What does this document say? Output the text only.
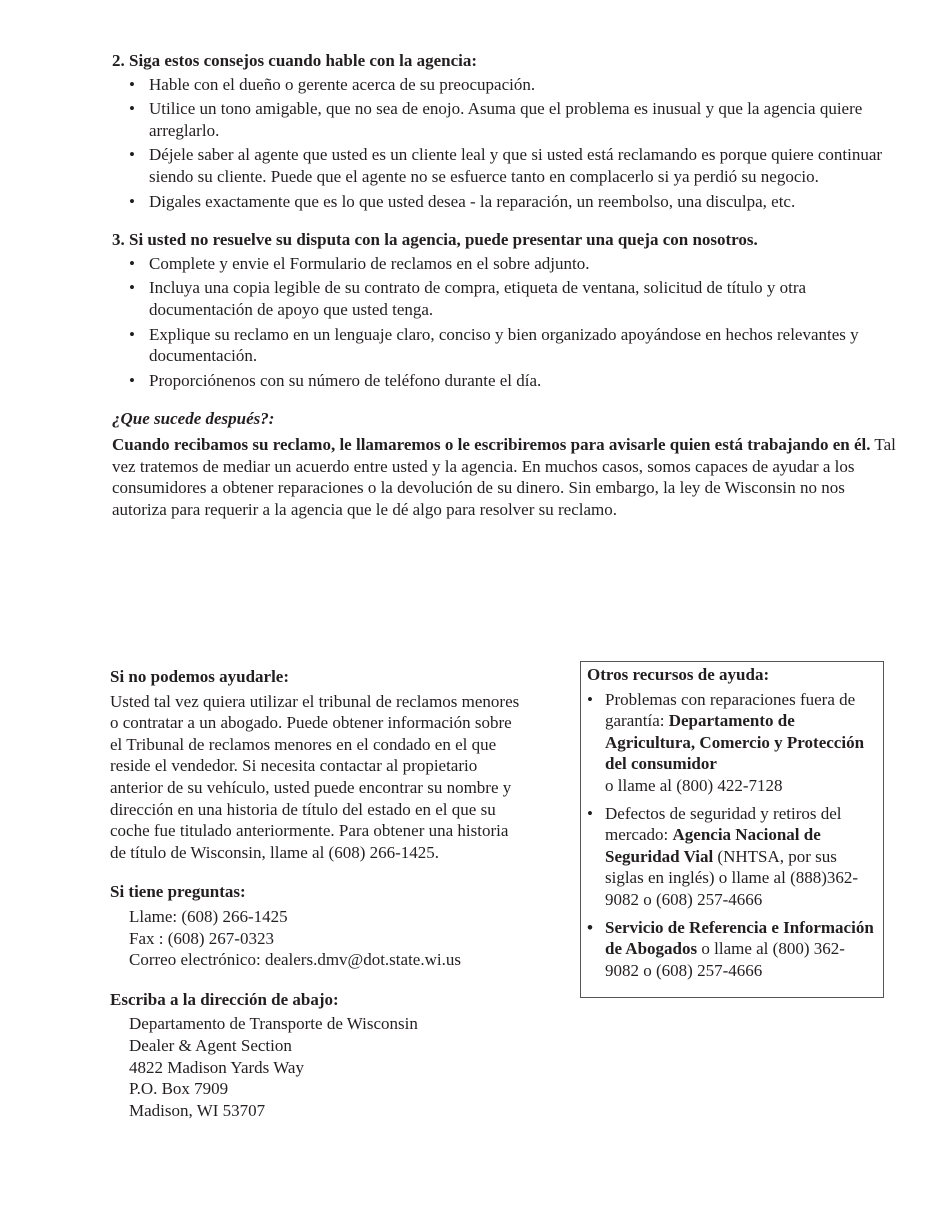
2. Siga estos consejos cuando hable con la agencia:

• Hable con el dueño o gerente acerca de su preocupación.
• Utilice un tono amigable, que no sea de enojo. Asuma que el problema es inusual y que la agencia quiere arreglarlo.
• Déjele saber al agente que usted es un cliente leal y que si usted está reclamando es porque quiere continuar siendo su cliente. Puede que el agente no se esfuerce tanto en complacerlo si ya perdió su negocio.
• Digales exactamente que es lo que usted desea - la reparación, un reembolso, una disculpa, etc.

3. Si usted no resuelve su disputa con la agencia, puede presentar una queja con nosotros.

• Complete y envie el Formulario de reclamos en el sobre adjunto.
• Incluya una copia legible de su contrato de compra, etiqueta de ventana, solicitud de título y otra documentación de apoyo que usted tenga.
• Explique su reclamo en un lenguaje claro, conciso y bien organizado apoyándose en hechos relevantes y documentación.
• Proporciónenos con su número de teléfono durante el día.

¿Que sucede después?:

Cuando recibamos su reclamo, le llamaremos o le escribiremos para avisarle quien está trabajando en él. Tal vez tratemos de mediar un acuerdo entre usted y la agencia. En muchos casos, somos capaces de ayudar a los consumidores a obtener reparaciones o la devolución de su dinero. Sin embargo, la ley de Wisconsin no nos autoriza para requerir a la agencia que le dé algo para resolver su reclamo.

Si no podemos ayudarle:

Usted tal vez quiera utilizar el tribunal de reclamos menores o contratar a un abogado. Puede obtener información sobre el Tribunal de reclamos menores en el condado en el que reside el vendedor. Si necesita contactar al propietario anterior de su vehículo, usted puede encontrar su nombre y dirección en una historia de título del estado en el que su coche fue titulado anteriormente. Para obtener una historia de título de Wisconsin, llame al (608) 266-1425.

Si tiene preguntas:
Llame: (608) 266-1425
Fax : (608) 267-0323
Correo electrónico: dealers.dmv@dot.state.wi.us
Escriba a la dirección de abajo:
Departamento de Transporte de Wisconsin
Dealer & Agent Section
4822 Madison Yards Way
P.O. Box 7909
Madison, WI 53707
Otros recursos de ayuda:
• Problemas con reparaciones fuera de garantía: Departamento de Agricultura, Comercio y Protección del consumidor
o llame al (800) 422-7128
• Defectos de seguridad y retiros del mercado: Agencia Nacional de Seguridad Vial (NHTSA, por sus siglas en inglés) o llame al (888)362-9082 o (608) 257-4666
• Servicio de Referencia e Información de Abogados o llame al (800) 362-9082 o (608) 257-4666
